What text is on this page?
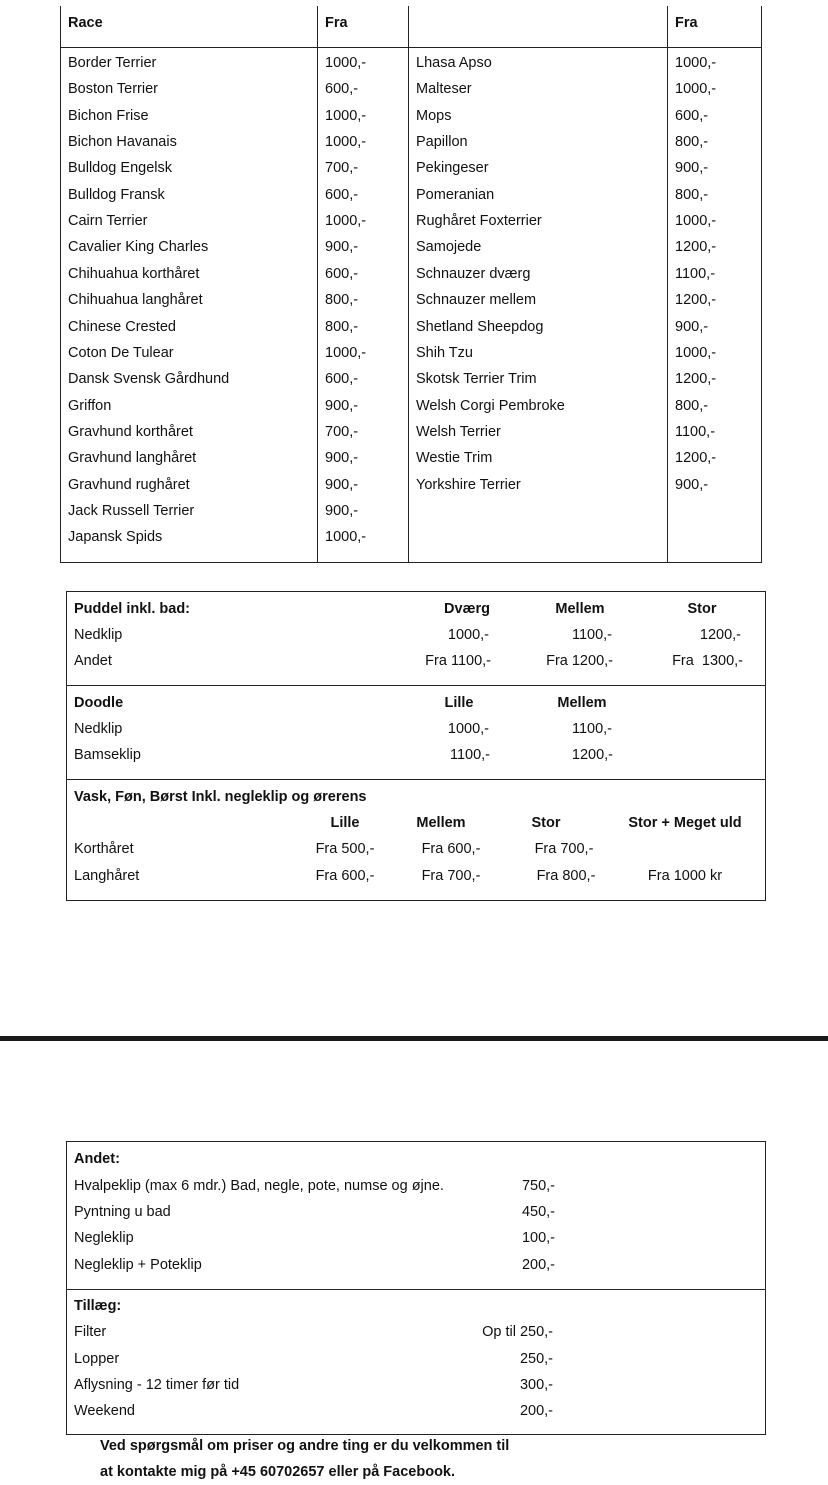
Race	Fra	Fra
Border Terrier	1000,-
Boston Terrier	600,-
Bichon Frise	1000,-
Bichon Havanais	1000,-
Bulldog Engelsk	700,-
Bulldog Fransk	600,-
Cairn Terrier	1000,-
Cavalier King Charles	900,-
Chihuahua korthåret	600,-
Chihuahua langhåret	800,-
Chinese Crested	800,-
Coton De Tulear	1000,-
Dansk Svensk Gårdhund	600,-
Griffon	900,-
Gravhund korthåret	700,-
Gravhund langhåret	900,-
Gravhund rughåret	900,-
Jack Russell Terrier	900,-
Japansk Spids	1000,-
Lhasa Apso	1000,-
Malteser	1000,-
Mops	600,-
Papillon	800,-
Pekingeser	900,-
Pomeranian	800,-
Rughåret Foxterrier	1000,-
Samojede	1200,-
Schnauzer dværg	1100,-
Schnauzer mellem	1200,-
Shetland Sheepdog	900,-
Shih Tzu	1000,-
Skotsk Terrier Trim	1200,-
Welsh Corgi Pembroke	800,-
Welsh Terrier	1100,-
Westie Trim	1200,-
Yorkshire Terrier	900,-
Puddel inkl. bad:	Dværg	Mellem	Stor
Nedklip	1000,-	1100,-	1200,-
Andet	Fra 1100,-	Fra 1200,-	Fra  1300,-
Doodle	Lille	Mellem
Nedklip	1000,-	1100,-
Bamseklip	1100,-	1200,-
Vask, Føn, Børst Inkl. negleklip og ørerens
Lille	Mellem	Stor	Stor + Meget uld
Korthåret	Fra 500,-	Fra 600,-	Fra 700,-
Langhåret	Fra 600,-	Fra 700,-	Fra 800,-	Fra 1000 kr
Andet:
Hvalpeklip (max 6 mdr.) Bad, negle, pote, numse og øjne.	750,-
Pyntning u bad	450,-
Negleklip	100,-
Negleklip + Poteklip	200,-
Tillæg:
Filter	Op til 250,-
Lopper	250,-
Aflysning - 12 timer før tid	300,-
Weekend	200,-
Ved spørgsmål om priser og andre ting er du velkommen til
at kontakte mig på +45 60702657 eller på Facebook.
